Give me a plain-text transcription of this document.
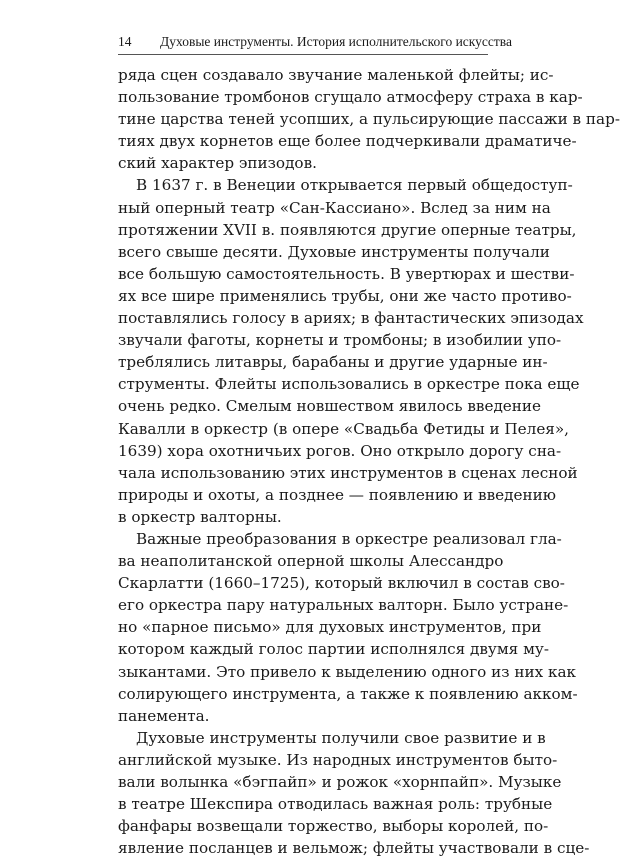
14 Духовые инструменты. История исполнительского искусства
ряда сцен создавало звучание маленькой флейты; ис-
пользование тромбонов сгущало атмосферу страха в кар-
тине царства теней усопших, а пульсирующие пассажи в пар-
тиях двух корнетов еще более подчеркивали драматиче-
ский характер эпизодов.
В 1637 г. в Венеции открывается первый общедоступ-
ный оперный театр «Сан-Кассиано». Вслед за ним на
протяжении XVII в. появляются другие оперные театры,
всего свыше десяти. Духовые инструменты получали
все большую самостоятельность. В увертюрах и шестви-
ях все шире применялись трубы, они же часто противо-
поставлялись голосу в ариях; в фантастических эпизодах
звучали фаготы, корнеты и тромбоны; в изобилии упо-
треблялись литавры, барабаны и другие ударные ин-
струменты. Флейты использовались в оркестре пока еще
очень редко. Смелым новшеством явилось введение
Кавалли в оркестр (в опере «Свадьба Фетиды и Пелея»,
1639) хора охотничьих рогов. Оно открыло дорогу сна-
чала использованию этих инструментов в сценах лесной
природы и охоты, а позднее — появлению и введению
в оркестр валторны.
Важные преобразования в оркестре реализовал гла-
ва неаполитанской оперной школы Алессандро
Скарлатти (1660–1725), который включил в состав сво-
его оркестра пару натуральных валторн. Было устране-
но «парное письмо» для духовых инструментов, при
котором каждый голос партии исполнялся двумя му-
зыкантами. Это привело к выделению одного из них как
солирующего инструмента, а также к появлению акком-
панемента.
Духовые инструменты получили свое развитие и в
английской музыке. Из народных инструментов быто-
вали волынка «бэгпайп» и рожок «хорнпайп». Музыке
в театре Шекспира отводилась важная роль: трубные
фанфары возвещали торжество, выборы королей, по-
явление посланцев и вельмож; флейты участвовали в сце-
